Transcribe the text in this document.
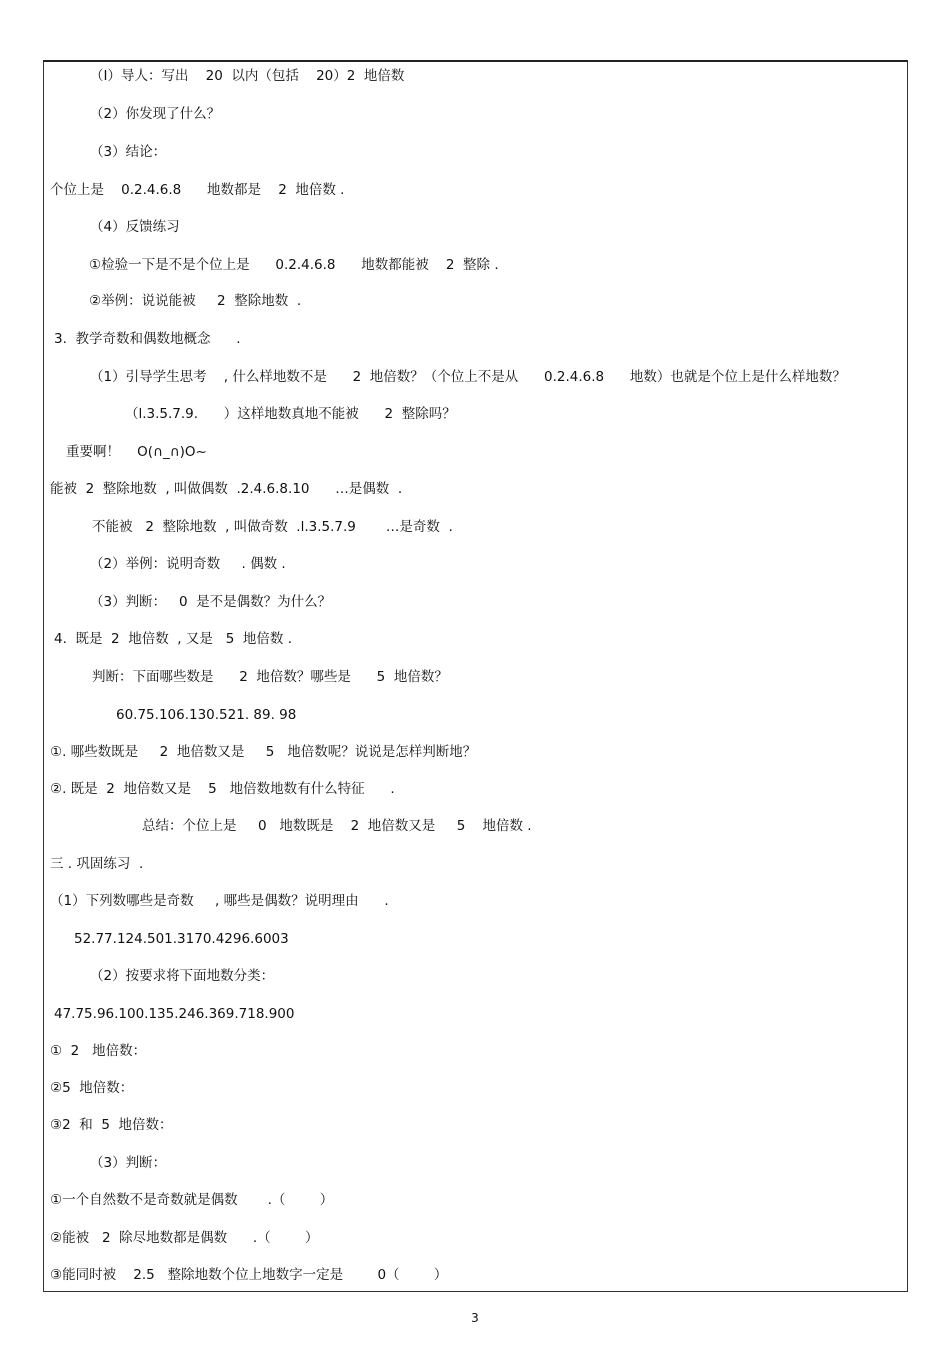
（Ⅰ）导人：写出    20  以内（包括    20）2  地倍数
（2）你发现了什么？
（3）结论：
个位上是    0.2.4.6.8      地数都是    2  地倍数 .
（4）反馈练习
①检验一下是不是个位上是      0.2.4.6.8      地数都能被    2  整除 .
②举例：说说能被     2  整除地数  .
3.  教学奇数和偶数地概念      .
（1）引导学生思考    , 什么样地数不是      2  地倍数？（个位上不是从      0.2.4.6.8      地数）也就是个位上是什么样地数？
（l.3.5.7.9.      ）这样地数真地不能被      2  整除吗？
重要啊！    O(∩_∩)O~
能被  2  整除地数  , 叫做偶数  .2.4.6.8.10      …是偶数  .
不能被   2  整除地数  , 叫做奇数  .l.3.5.7.9       …是奇数  .
（2）举例：说明奇数     . 偶数 .
（3）判断：   0  是不是偶数？为什么？
4.  既是  2  地倍数  , 又是   5  地倍数 .
判断：下面哪些数是      2  地倍数？哪些是      5  地倍数？
60.75.106.130.521. 89. 98
①. 哪些数既是     2  地倍数又是     5   地倍数呢？说说是怎样判断地？
②. 既是  2  地倍数又是    5   地倍数地数有什么特征      .
总结：个位上是     0   地数既是    2  地倍数又是     5    地倍数 .
三 . 巩固练习  .
（1）下列数哪些是奇数     , 哪些是偶数？说明理由      .
52.77.124.501.3170.4296.6003
（2）按要求将下面地数分类：
47.75.96.100.135.246.369.718.900
①  2   地倍数：
②5  地倍数：
③2  和  5  地倍数：
（3）判断：
①一个自然数不是奇数就是偶数       .（        ）
②能被   2  除尽地数都是偶数      .（        ）
③能同时被    2.5   整除地数个位上地数字一定是        0（        ）
3
